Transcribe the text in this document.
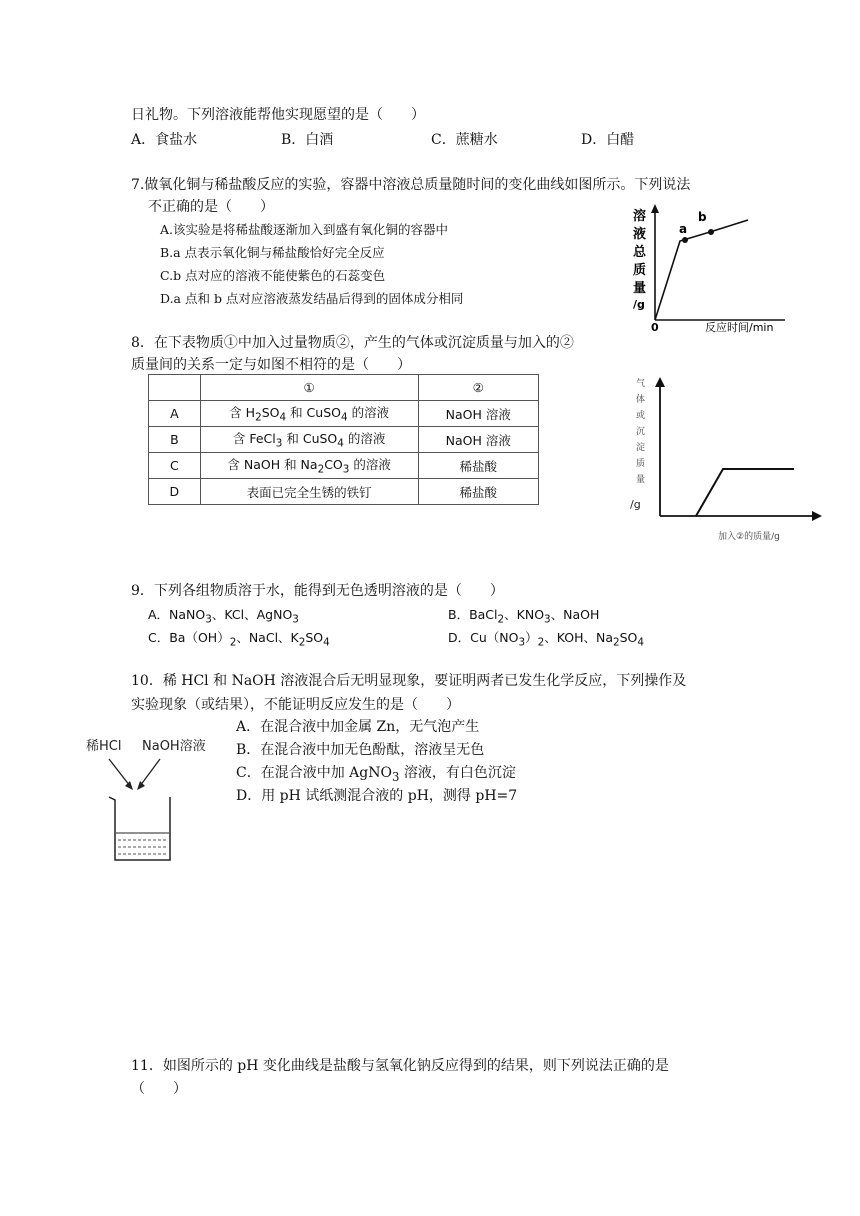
日礼物。下列溶液能帮他实现愿望的是（　　）
A．食盐水	B．白酒	C．蔗糖水	D．白醋
7.做氧化铜与稀盐酸反应的实验，容器中溶液总质量随时间的变化曲线如图所示。下列说法
不正确的是（　　）
A.该实验是将稀盐酸逐渐加入到盛有氧化铜的容器中
B.a 点表示氧化铜与稀盐酸恰好完全反应
C.b 点对应的溶液不能使紫色的石蕊变色
D.a 点和 b 点对应溶液蒸发结晶后得到的固体成分相同
a
b
溶
液
总
质
量
/g
0	反应时间/min
8．在下表物质①中加入过量物质②，产生的气体或沉淀质量与加入的②
质量间的关系一定与如图不相符的是（　　）
	①	②
A	含 $H_2SO_4$ 和 CuSO$_4$ 的溶液	NaOH 溶液
B	含 FeCl$_3$ 和 CuSO$_4$ 的溶液	NaOH 溶液
C	含 NaOH 和 $Na_2CO_3$ 的溶液	稀盐酸
D	表面已完全生锈的铁钉	稀盐酸
气
体
或
沉
淀
质
量
/g
加入②的质量/g
9．下列各组物质溶于水，能得到无色透明溶液的是（　　）
A．NaNO$_3$、KCl、AgNO$_3$	B．BaCl$_2$、$KNO_3$、NaOH
C．$Ba(OH)_2$、NaCl、$K_2SO_4$	D．$Cu(NO_3)_2$、KOH、$Na_2SO_4$
10．稀 HCl 和 NaOH 溶液混合后无明显现象，要证明两者已发生化学反应，下列操作及
实验现象（或结果），不能证明反应发生的是（　　）
A．在混合液中加金属 Zn，无气泡产生
B．在混合液中加无色酚酞，溶液呈无色
C．在混合液中加 AgNO$_3$ 溶液，有白色沉淀
D．用 pH 试纸测混合液的 pH，测得 pH=7
稀HCl NaOH溶液
11．如图所示的 pH 变化曲线是盐酸与氢氧化钠反应得到的结果，则下列说法正确的是
（　　）
